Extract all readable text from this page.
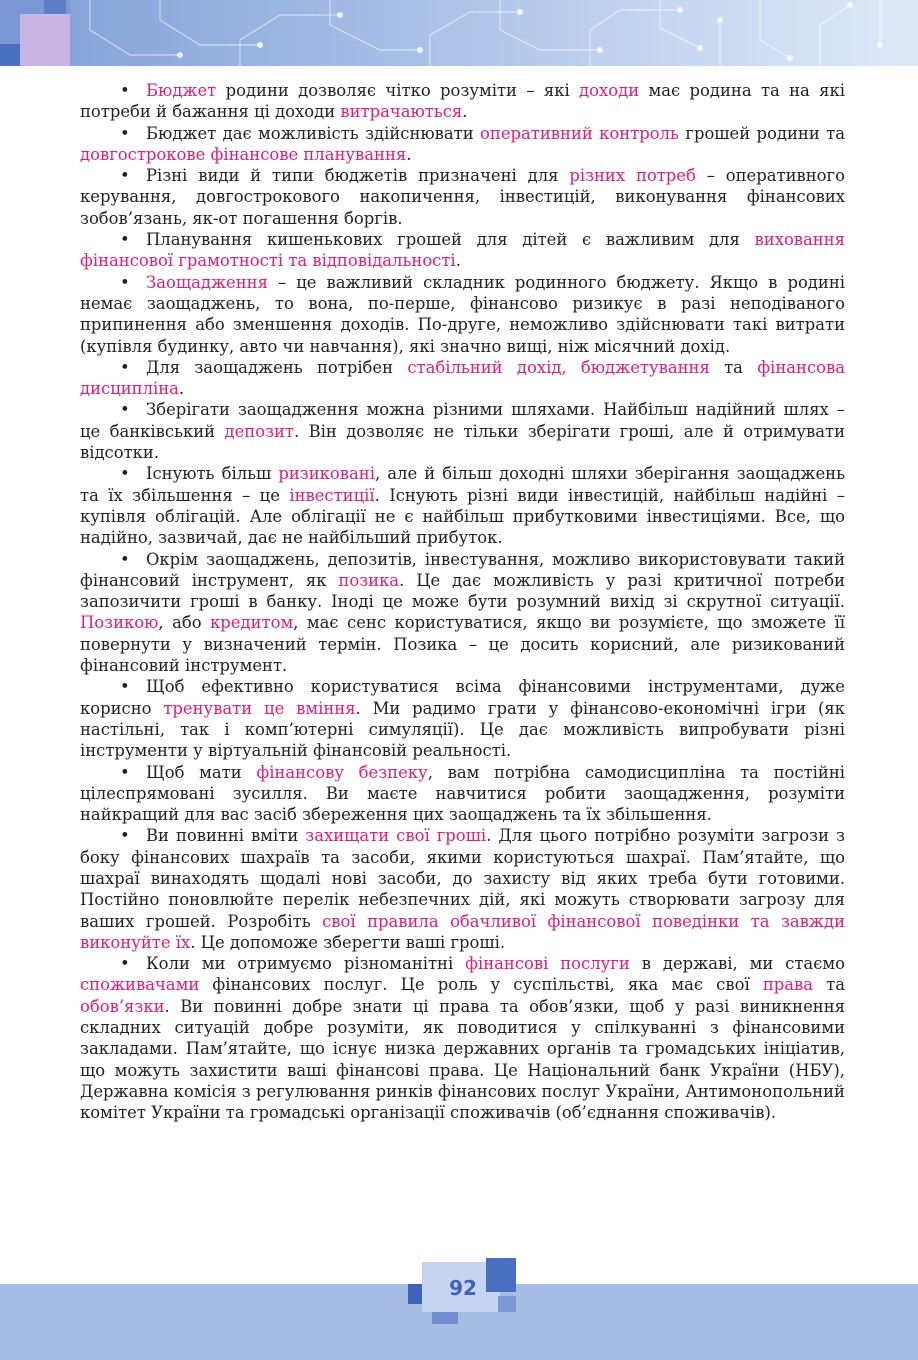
• Бюджет родини дозволяє чітко розуміти – які доходи має родина та на які потреби й бажання ці доходи витрачаються.

• Бюджет дає можливість здійснювати оперативний контроль грошей родини та довгострокове фінансове планування.

• Різні види й типи бюджетів призначені для різних потреб – оперативного керування, довгострокового накопичення, інвестицій, виконування фінансових зобов’язань, як-от погашення боргів.

• Планування кишенькових грошей для дітей є важливим для виховання фінансової грамотності та відповідальності.

• Заощадження – це важливий складник родинного бюджету. Якщо в родині немає заощаджень, то вона, по-перше, фінансово ризикує в разі неподіваного припинення або зменшення доходів. По-друге, неможливо здійснювати такі витрати (купівля будинку, авто чи навчання), які значно вищі, ніж місячний дохід.

• Для заощаджень потрібен стабільний дохід, бюджетування та фінансова дисципліна.

• Зберігати заощадження можна різними шляхами. Найбільш надійний шлях – це банківський депозит. Він дозволяє не тільки зберігати гроші, але й отримувати відсотки.

• Існують більш ризиковані, але й більш доходні шляхи зберігання заощаджень та їх збільшення – це інвестиції. Існують різні види інвестицій, найбільш надійні – купівля облігацій. Але облігації не є найбільш прибутковими інвестиціями. Все, що надійно, зазвичай, дає не найбільший прибуток.

• Окрім заощаджень, депозитів, інвестування, можливо використовувати такий фінансовий інструмент, як позика. Це дає можливість у разі критичної потреби запозичити гроші в банку. Іноді це може бути розумний вихід зі скрутної ситуації. Позикою, або кредитом, має сенс користуватися, якщо ви розумієте, що зможете її повернути у визначений термін. Позика – це досить корисний, але ризикований фінансовий інструмент.

• Щоб ефективно користуватися всіма фінансовими інструментами, дуже корисно тренувати це вміння. Ми радимо грати у фінансово-економічні ігри (як настільні, так і комп’ютерні симуляції). Це дає можливість випробувати різні інструменти у віртуальній фінансовій реальності.

• Щоб мати фінансову безпеку, вам потрібна самодисципліна та постійні цілеспрямовані зусилля. Ви маєте навчитися робити заощадження, розуміти найкращий для вас засіб збереження цих заощаджень та їх збільшення.

• Ви повинні вміти захищати свої гроші. Для цього потрібно розуміти загрози з боку фінансових шахраїв та засоби, якими користуються шахраї. Пам’ятайте, що шахраї винаходять щодалі нові засоби, до захисту від яких треба бути готовими. Постійно поновлюйте перелік небезпечних дій, які можуть створювати загрозу для ваших грошей. Розробіть свої правила обачливої фінансової поведінки та завжди виконуйте їх. Це допоможе зберегти ваші гроші.

• Коли ми отримуємо різноманітні фінансові послуги в державі, ми стаємо споживачами фінансових послуг. Це роль у суспільстві, яка має свої права та обов’язки. Ви повинні добре знати ці права та обов’язки, щоб у разі виникнення складних ситуацій добре розуміти, як поводитися у спілкуванні з фінансовими закладами. Пам’ятайте, що існує низка державних органів та громадських ініціатив, що можуть захистити ваші фінансові права. Це Національний банк України (НБУ), Державна комісія з регулювання ринків фінансових послуг України, Антимонопольний комітет України та громадські організації споживачів (об’єднання споживачів).

92
